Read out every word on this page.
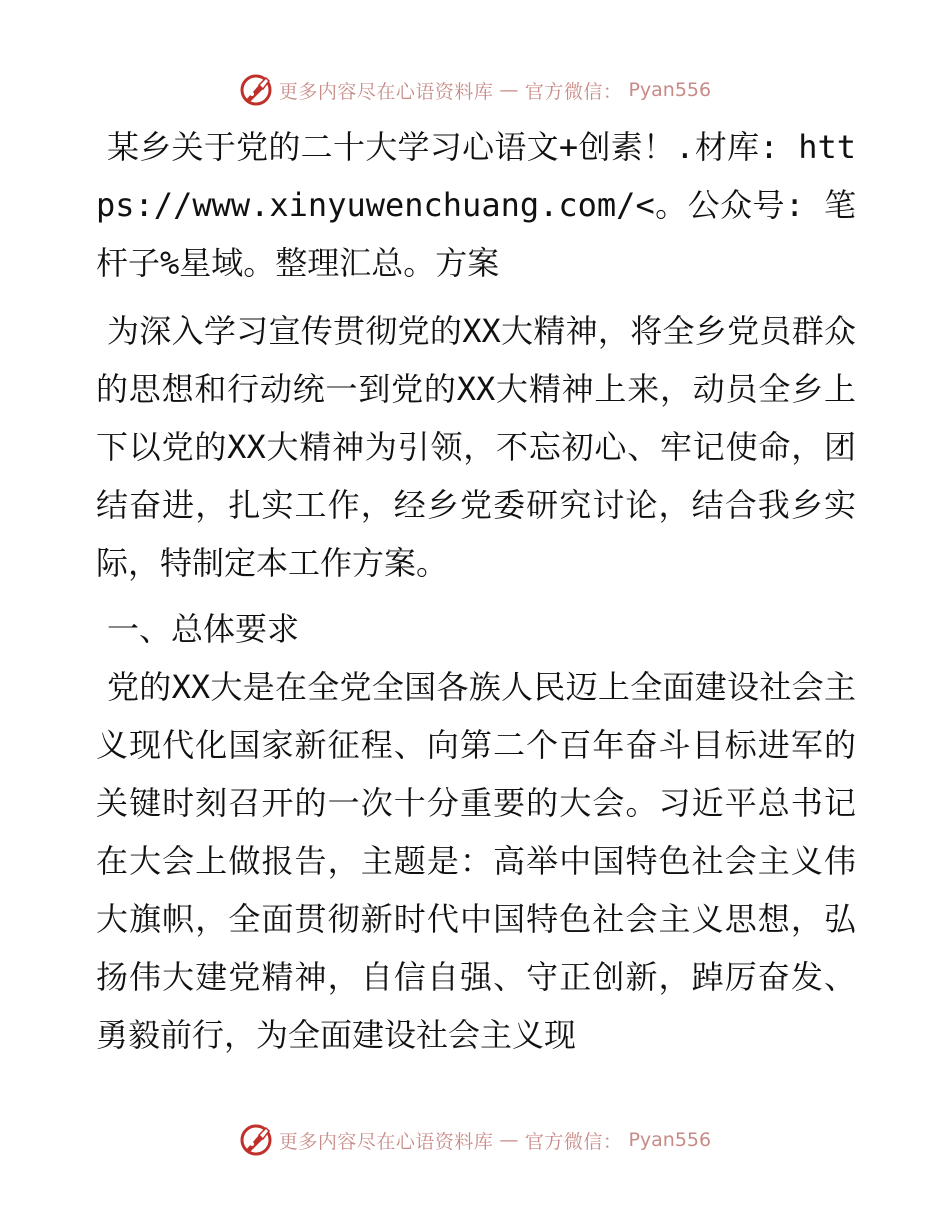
更多内容尽在心语资料库 — 官方微信： Pyan556

某乡关于党的二十大学习心语文+创素！.材库: https://www.xinyuwenchuang.com/<。公众号: 笔杆子%星域。整理汇总。方案

为深入学习宣传贯彻党的XX大精神，将全乡党员群众的思想和行动统一到党的XX大精神上来，动员全乡上下以党的XX大精神为引领，不忘初心、牢记使命，团结奋进，扎实工作，经乡党委研究讨论，结合我乡实际，特制定本工作方案。

一、总体要求

党的XX大是在全党全国各族人民迈上全面建设社会主义现代化国家新征程、向第二个百年奋斗目标进军的关键时刻召开的一次十分重要的大会。习近平总书记在大会上做报告，主题是：高举中国特色社会主义伟大旗帜，全面贯彻新时代中国特色社会主义思想，弘扬伟大建党精神，自信自强、守正创新，踔厉奋发、勇毅前行，为全面建设社会主义现

更多内容尽在心语资料库 — 官方微信： Pyan556
